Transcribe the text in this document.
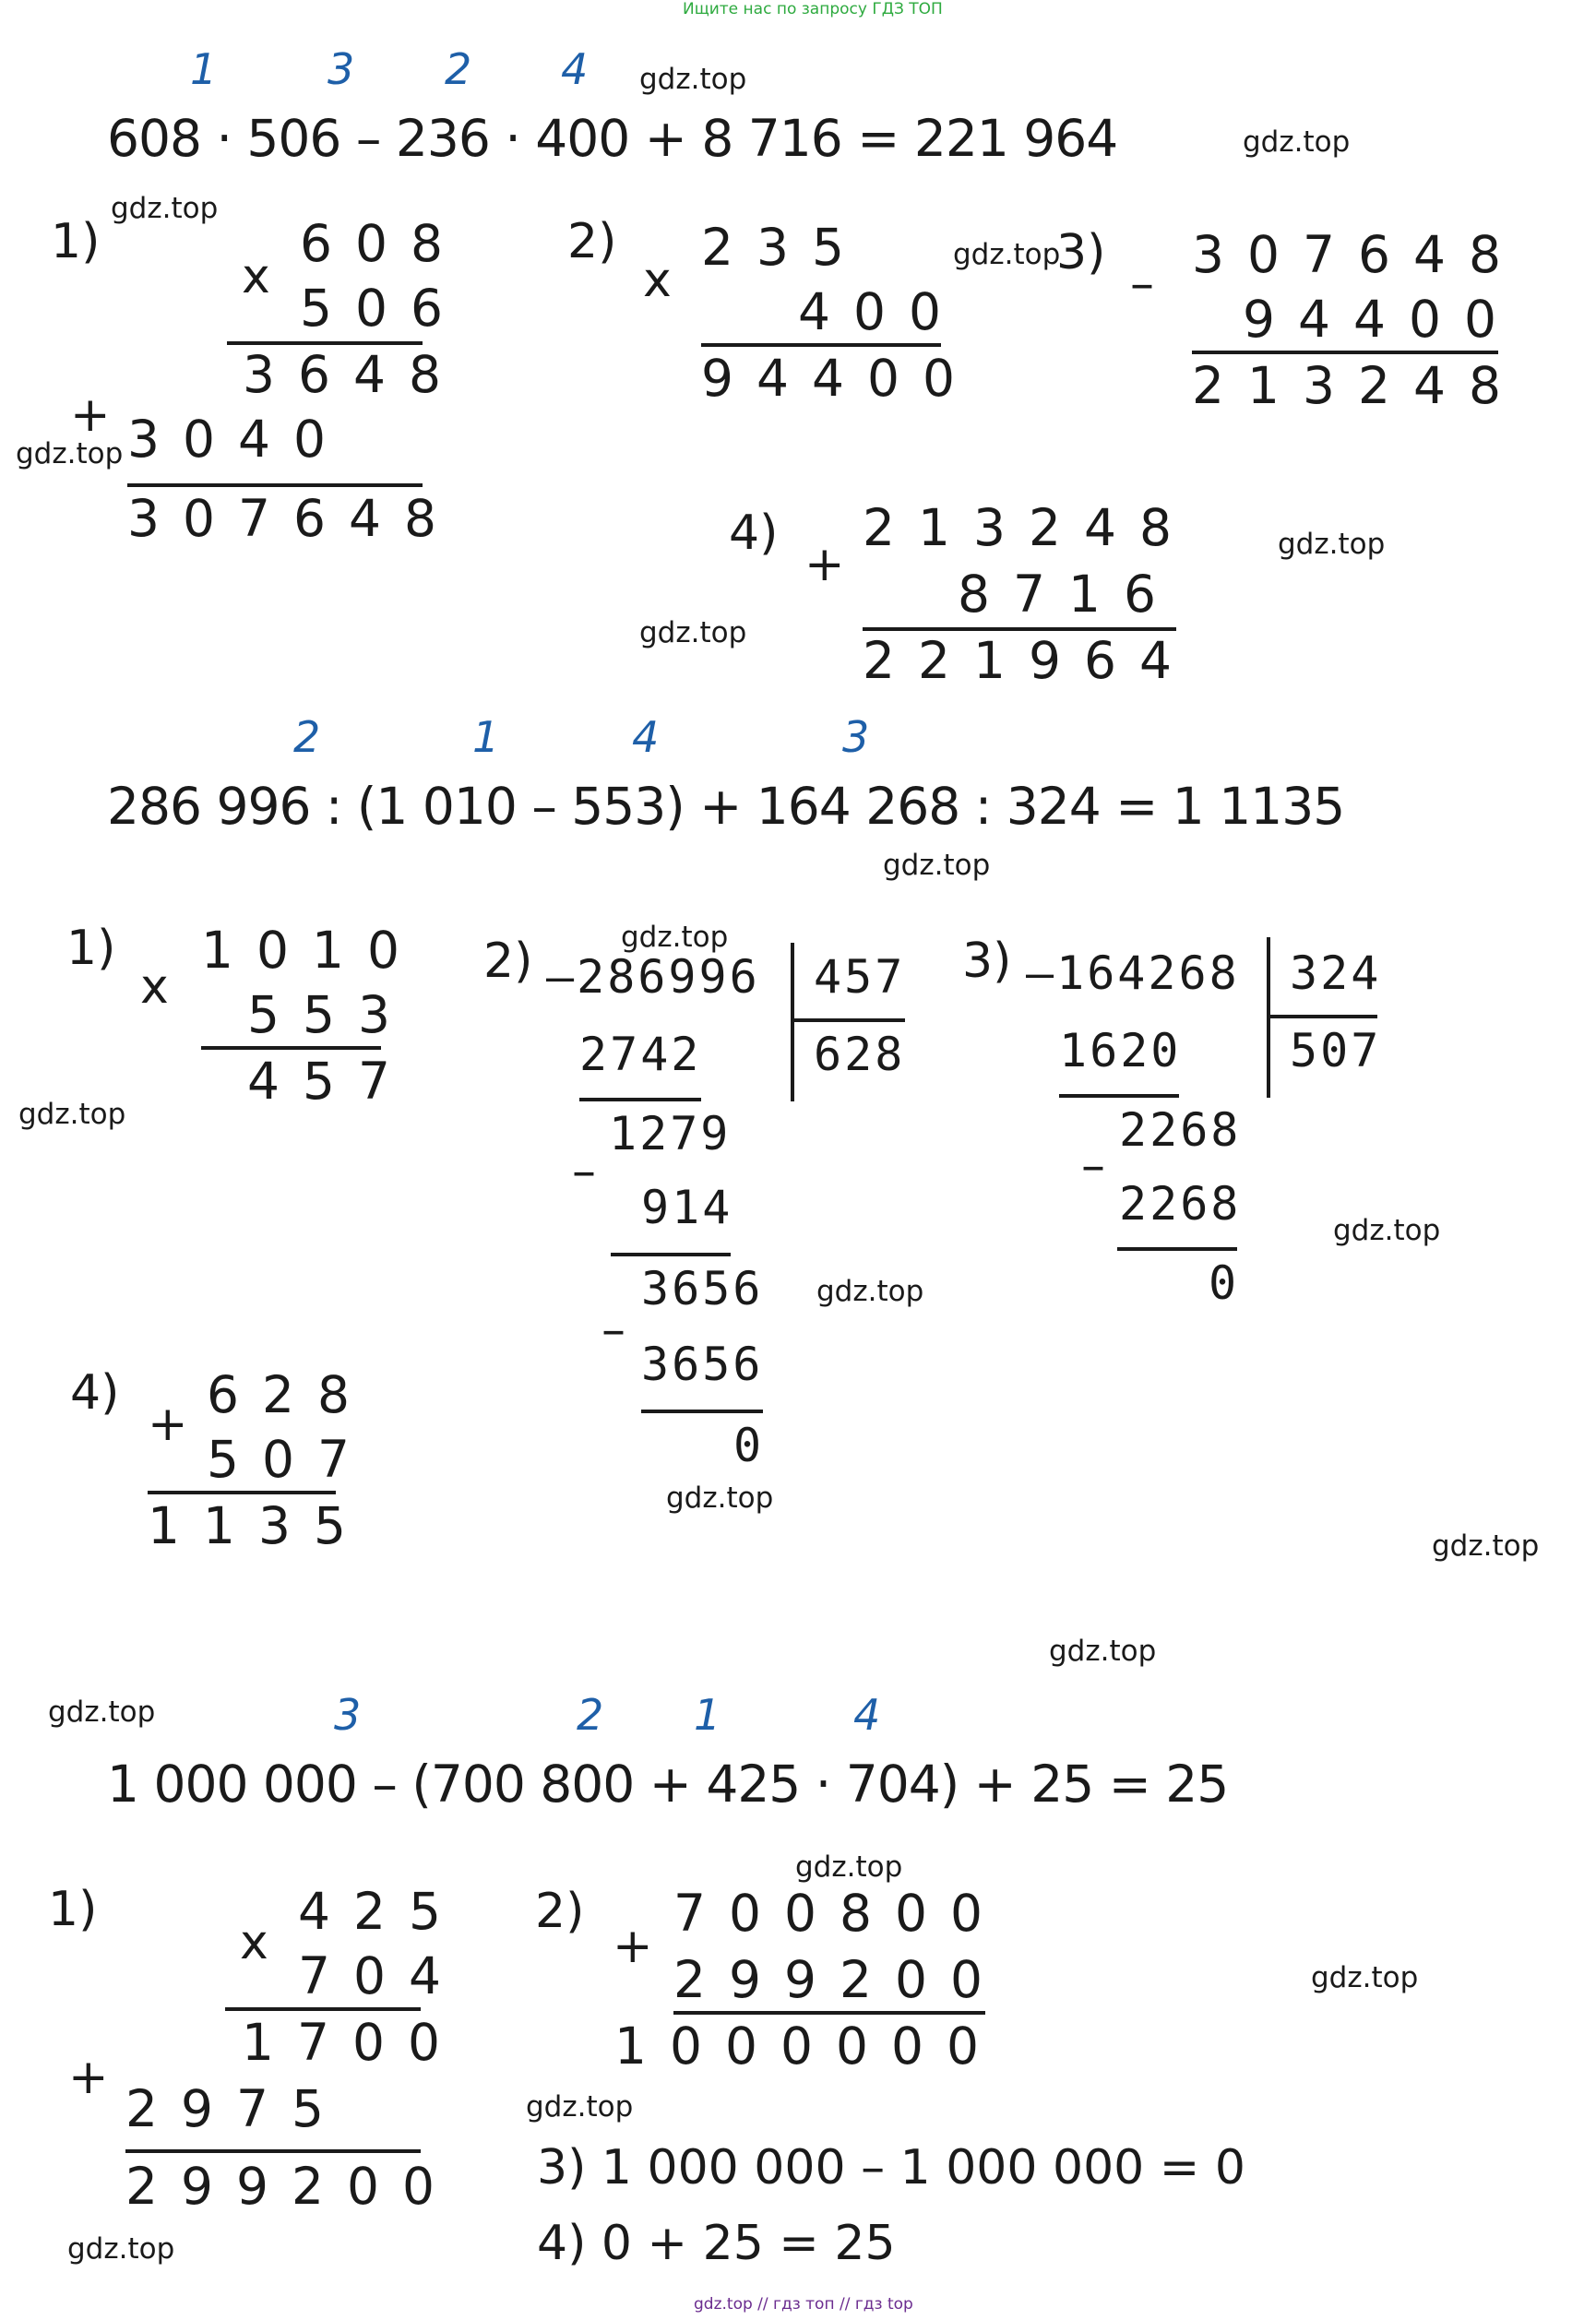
Ищите нас по запросу ГДЗ ТОП
gdz.top // гдз топ // гдз top
gdz.top
gdz.top
gdz.top
gdz.top
gdz.top
gdz.top
gdz.top
gdz.top
gdz.top
gdz.top
gdz.top
gdz.top
gdz.top
gdz.top
gdz.top
gdz.top
gdz.top
gdz.top
gdz.top
gdz.top
1	3 2 4
608 · 506 – 236 · 400 + 8 716 = 221 964
1)
x
608
506
3648
+ 3040
307648
2)
x
235
400
94400
3)
– 307648
94400
213248
4)
+
213248
8716
221964
2	1	4	3
286 996 : (1 010 – 553) + 164 268 : 324 = 1 1135
1)
x
1010
553
457
2) –286996 457
628
2742
–
1279
914
–
3656
3656
0
3) –164268 324
507
1620
–
2268
2268
0
4)
+ 628
507
1135
3	2 1	4
1 000 000 – (700 800 + 425 · 704) + 25 = 25
1)
x
425
704
1700
+
2975
299200
2)
+
700800
299200
1000000
3) 1 000 000 – 1 000 000 = 0
4) 0 + 25 = 25
